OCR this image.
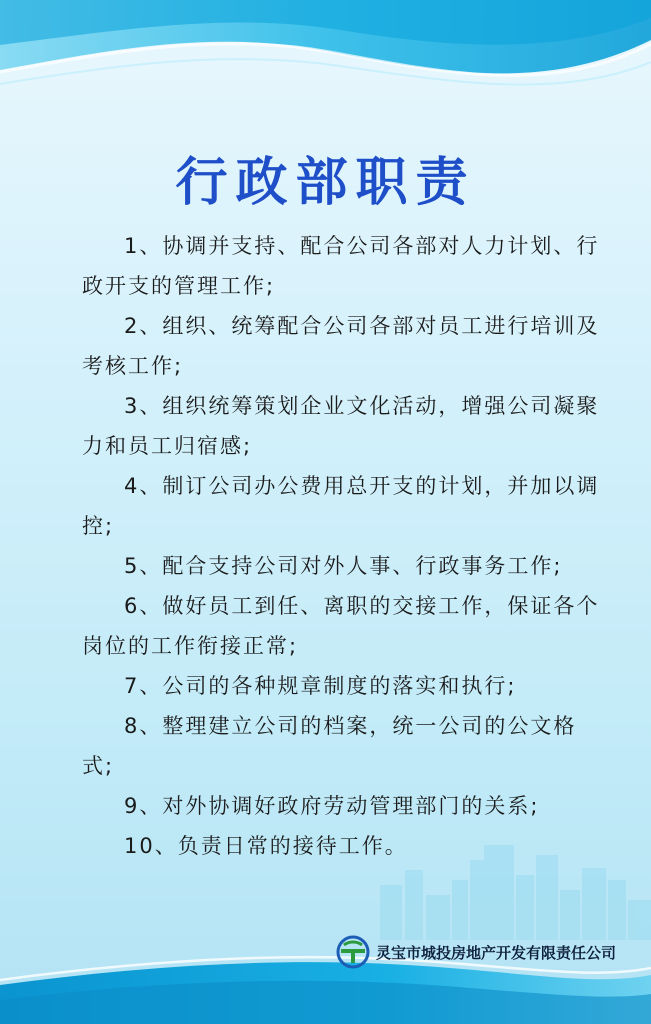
行政部职责
1、协调并支持、配合公司各部对人力计划、行政开支的管理工作;
2、组织、统筹配合公司各部对员工进行培训及考核工作;
3、组织统筹策划企业文化活动，增强公司凝聚力和员工归宿感;
4、制订公司办公费用总开支的计划，并加以调控;
5、配合支持公司对外人事、行政事务工作;
6、做好员工到任、离职的交接工作，保证各个岗位的工作衔接正常;
7、公司的各种规章制度的落实和执行;
8、整理建立公司的档案，统一公司的公文格式;
9、对外协调好政府劳动管理部门的关系;
10、负责日常的接待工作。
灵宝市城投房地产开发有限责任公司
